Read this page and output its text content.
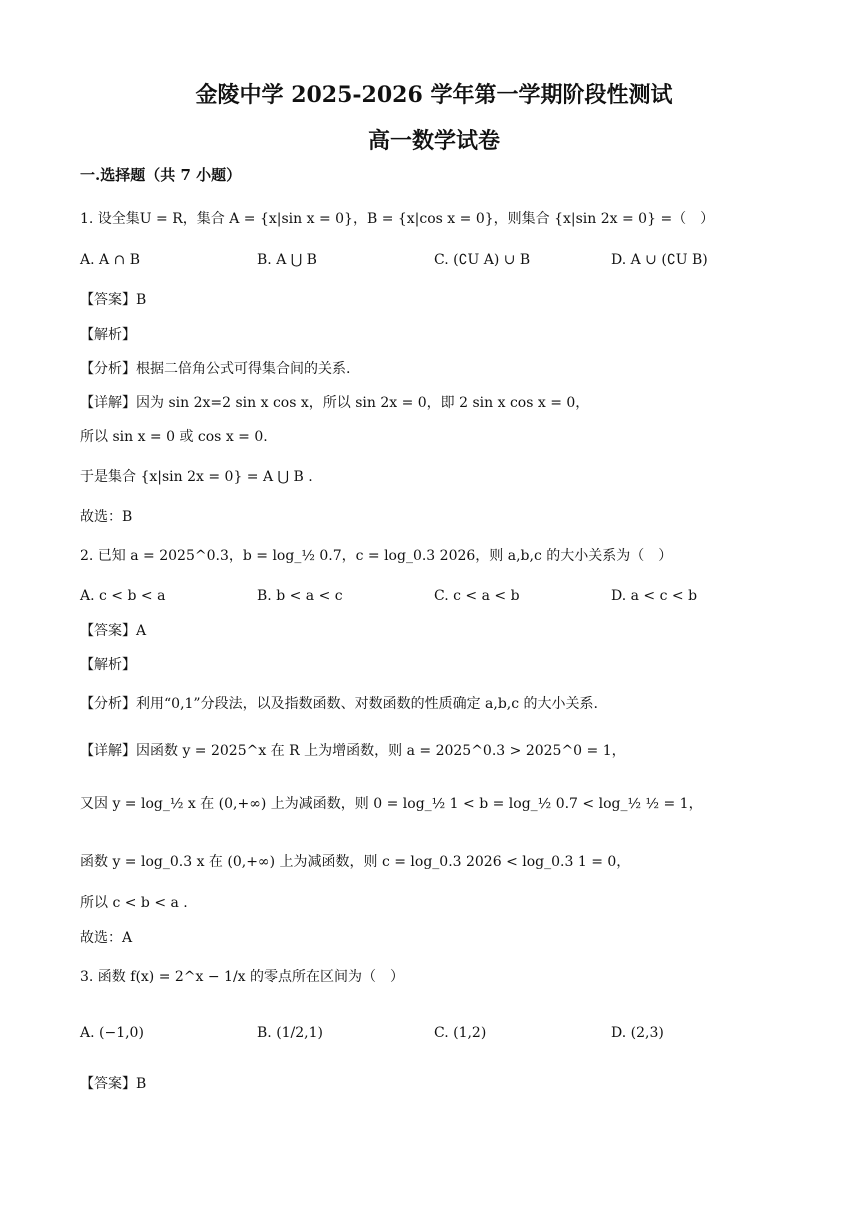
金陵中学 2025-2026 学年第一学期阶段性测试
高一数学试卷
一.选择题（共 7 小题）
1. 设全集U = R，集合 A = {x|sin x = 0}，B = {x|cos x = 0}，则集合 {x|sin 2x = 0} =（　）
A. A ∩ B	B. A ⋃ B	C. (∁U A) ∪ B	D. A ∪ (∁U B)
【答案】B
【解析】
【分析】根据二倍角公式可得集合间的关系.
【详解】因为 sin 2x=2 sin x cos x，所以 sin 2x = 0，即 2 sin x cos x = 0，
所以 sin x = 0 或 cos x = 0.
于是集合 {x|sin 2x = 0} = A ⋃ B .
故选：B
2. 已知 a = 2025^0.3，b = log_½ 0.7，c = log_0.3 2026，则 a,b,c 的大小关系为（　）
A. c < b < a	B. b < a < c	C. c < a < b	D. a < c < b
【答案】A
【解析】
【分析】利用“0,1”分段法，以及指数函数、对数函数的性质确定 a,b,c 的大小关系.
【详解】因函数 y = 2025^x 在 R 上为增函数，则 a = 2025^0.3 > 2025^0 = 1，
又因 y = log_½ x 在 (0,+∞) 上为减函数，则 0 = log_½ 1 < b = log_½ 0.7 < log_½ ½ = 1，
函数 y = log_0.3 x 在 (0,+∞) 上为减函数，则 c = log_0.3 2026 < log_0.3 1 = 0，
所以 c < b < a .
故选：A
3. 函数 f(x) = 2^x − 1/x 的零点所在区间为（　）
A. (−1,0)	B. (1/2,1)	C. (1,2)	D. (2,3)
【答案】B
